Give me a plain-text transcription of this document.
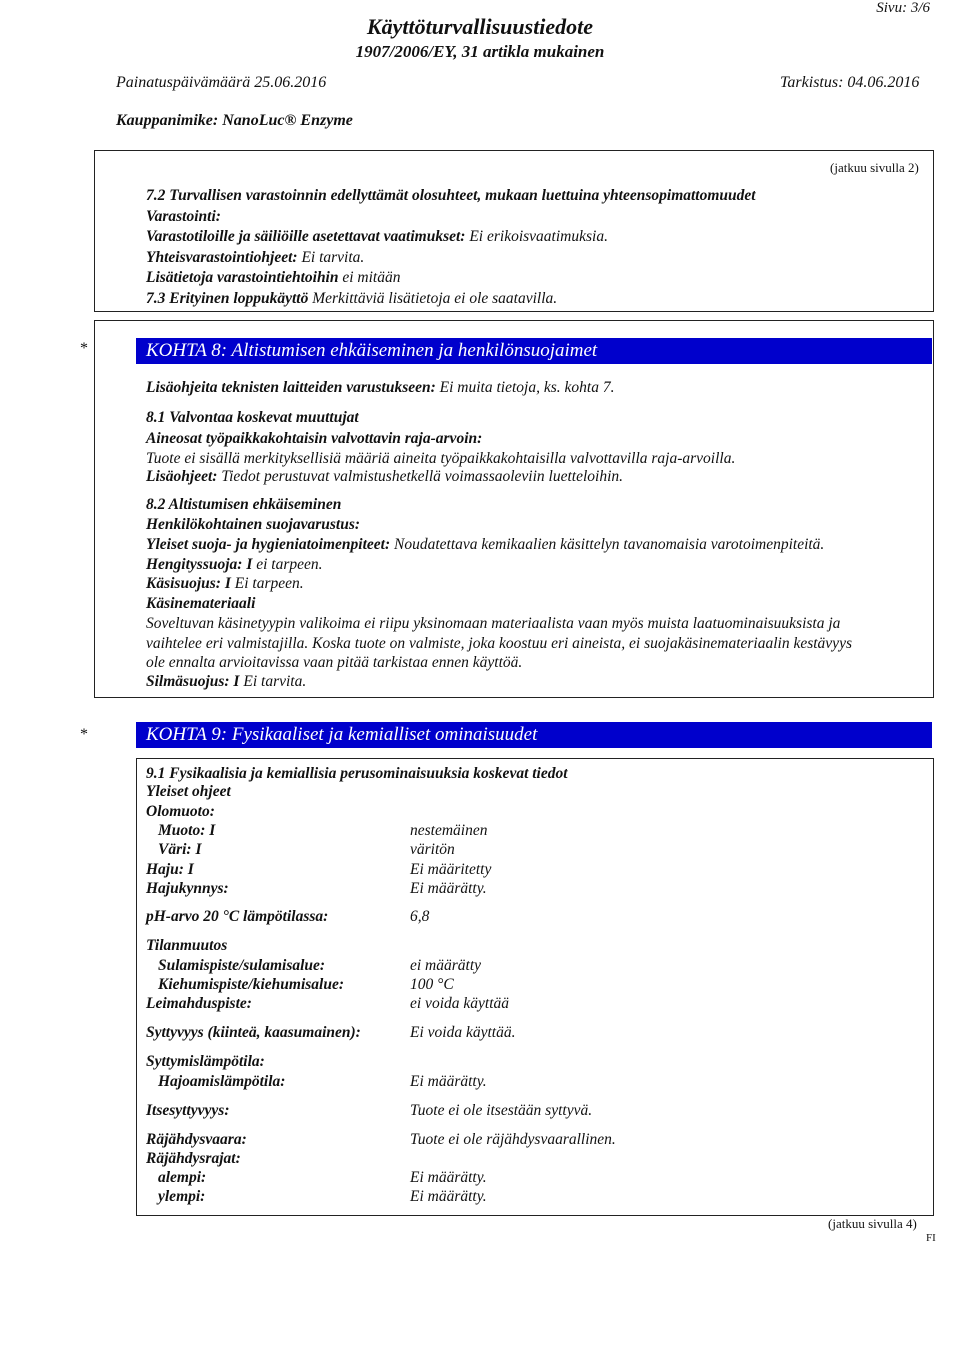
Sivu: 3/6
Käyttöturvallisuustiedote
1907/2006/EY, 31 artikla mukainen
Painatuspäivämäärä 25.06.2016	Tarkistus: 04.06.2016
Kauppanimike: NanoLuc® Enzyme
(jatkuu sivulla 2)
7.2 Turvallisen varastoinnin edellyttämät olosuhteet, mukaan luettuina yhteensopimattomuudet
Varastointi:
Varastotiloille ja säiliöille asetettavat vaatimukset: Ei erikoisvaatimuksia.
Yhteisvarastointiohjeet: Ei tarvita.
Lisätietoja varastointiehtoihin ei mitään
7.3 Erityinen loppukäyttö Merkittäviä lisätietoja ei ole saatavilla.
*	KOHTA 8: Altistumisen ehkäiseminen ja henkilönsuojaimet
Lisäohjeita teknisten laitteiden varustukseen: Ei muita tietoja, ks. kohta 7.
8.1 Valvontaa koskevat muuttujat
Aineosat työpaikkakohtaisin valvottavin raja-arvoin:
Tuote ei sisällä merkityksellisiä määriä aineita työpaikkakohtaisilla valvottavilla raja-arvoilla.
Lisäohjeet: Tiedot perustuvat valmistushetkellä voimassaoleviin luetteloihin.
8.2 Altistumisen ehkäiseminen
Henkilökohtainen suojavarustus:
Yleiset suoja- ja hygieniatoimenpiteet: Noudatettava kemikaalien käsittelyn tavanomaisia varotoimenpiteitä.
Hengityssuoja: I ei tarpeen.
Käsisuojus: I Ei tarpeen.
Käsinemateriaali
Soveltuvan käsinetyypin valikoima ei riipu yksinomaan materiaalista vaan myös muista laatuominaisuuksista ja
vaihtelee eri valmistajilla. Koska tuote on valmiste, joka koostuu eri aineista, ei suojakäsinemateriaalin kestävyys
ole ennalta arvioitavissa vaan pitää tarkistaa ennen käyttöä.
Silmäsuojus: I Ei tarvita.
*	KOHTA 9: Fysikaaliset ja kemialliset ominaisuudet
9.1 Fysikaalisia ja kemiallisia perusominaisuuksia koskevat tiedot
Yleiset ohjeet
Olomuoto:
Muoto: I	nestemäinen
Väri: I	väritön
Haju: I	Ei määritetty
Hajukynnys:	Ei määrätty.
pH-arvo 20 °C lämpötilassa:	6,8
Tilanmuutos
Sulamispiste/sulamisalue:	ei määrätty
Kiehumispiste/kiehumisalue:	100 °C
Leimahduspiste:	ei voida käyttää
Syttyvyys (kiinteä, kaasumainen):	Ei voida käyttää.
Syttymislämpötila:
Hajoamislämpötila:	Ei määrätty.
Itsesyttyvyys:	Tuote ei ole itsestään syttyvä.
Räjähdysvaara:	Tuote ei ole räjähdysvaarallinen.
Räjähdysrajat:
alempi:	Ei määrätty.
ylempi:	Ei määrätty.
(jatkuu sivulla 4)
FI
